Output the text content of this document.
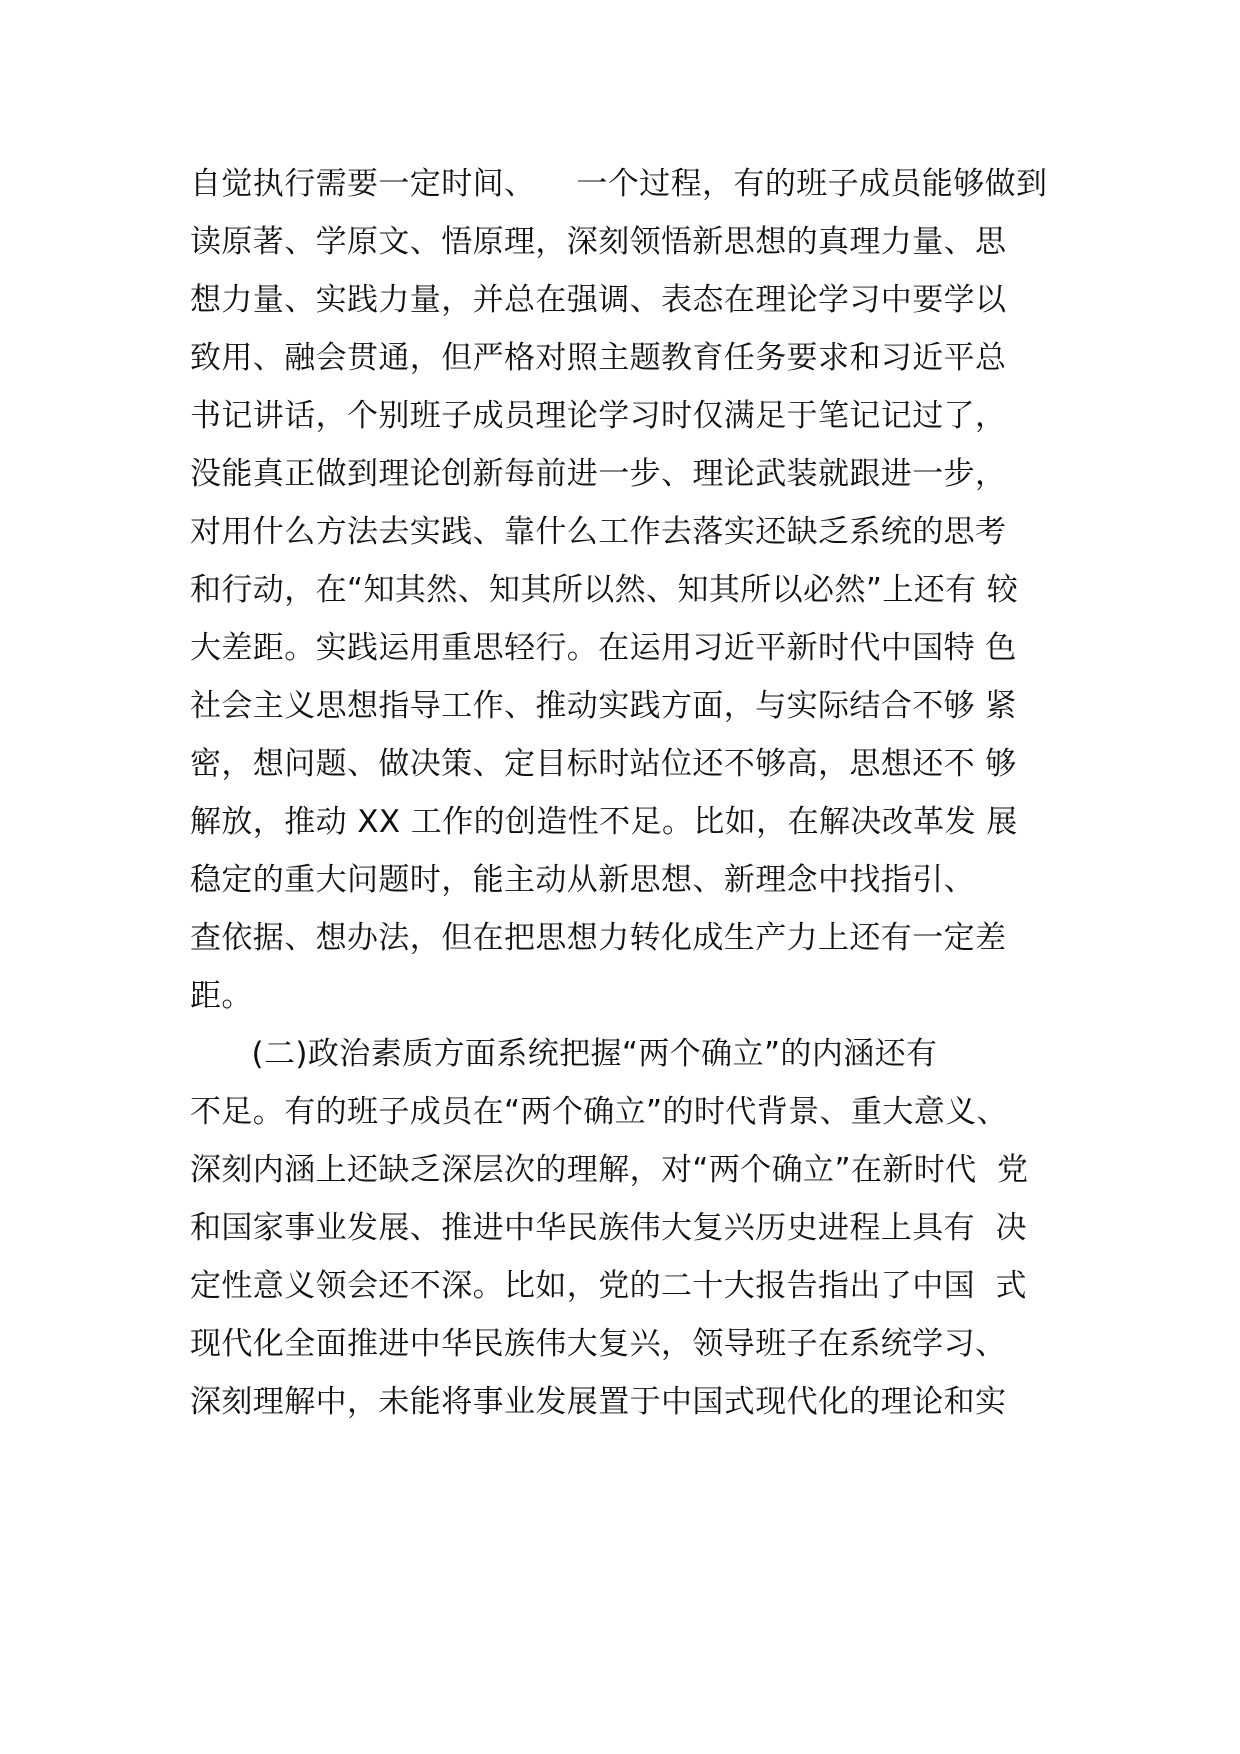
自觉执行需要一定时间、    一个过程，有的班子成员能够做到
读原著、学原文、悟原理，深刻领悟新思想的真理力量、思
想力量、实践力量，并总在强调、表态在理论学习中要学以
致用、融会贯通，但严格对照主题教育任务要求和习近平总
书记讲话，个别班子成员理论学习时仅满足于笔记记过了，
没能真正做到理论创新每前进一步、理论武装就跟进一步，
对用什么方法去实践、靠什么工作去落实还缺乏系统的思考
和行动，在“知其然、知其所以然、知其所以必然”上还有 较
大差距。实践运用重思轻行。在运用习近平新时代中国特 色
社会主义思想指导工作、推动实践方面，与实际结合不够 紧
密，想问题、做决策、定目标时站位还不够高，思想还不 够
解放，推动 XX 工作的创造性不足。比如，在解决改革发 展
稳定的重大问题时，能主动从新思想、新理念中找指引、
查依据、想办法，但在把思想力转化成生产力上还有一定差
距。
(二)政治素质方面系统把握“两个确立”的内涵还有
不足。有的班子成员在“两个确立”的时代背景、重大意义、
深刻内涵上还缺乏深层次的理解，对“两个确立”在新时代  党
和国家事业发展、推进中华民族伟大复兴历史进程上具有  决
定性意义领会还不深。比如，党的二十大报告指出了中国  式
现代化全面推进中华民族伟大复兴，领导班子在系统学习、
深刻理解中，未能将事业发展置于中国式现代化的理论和实
